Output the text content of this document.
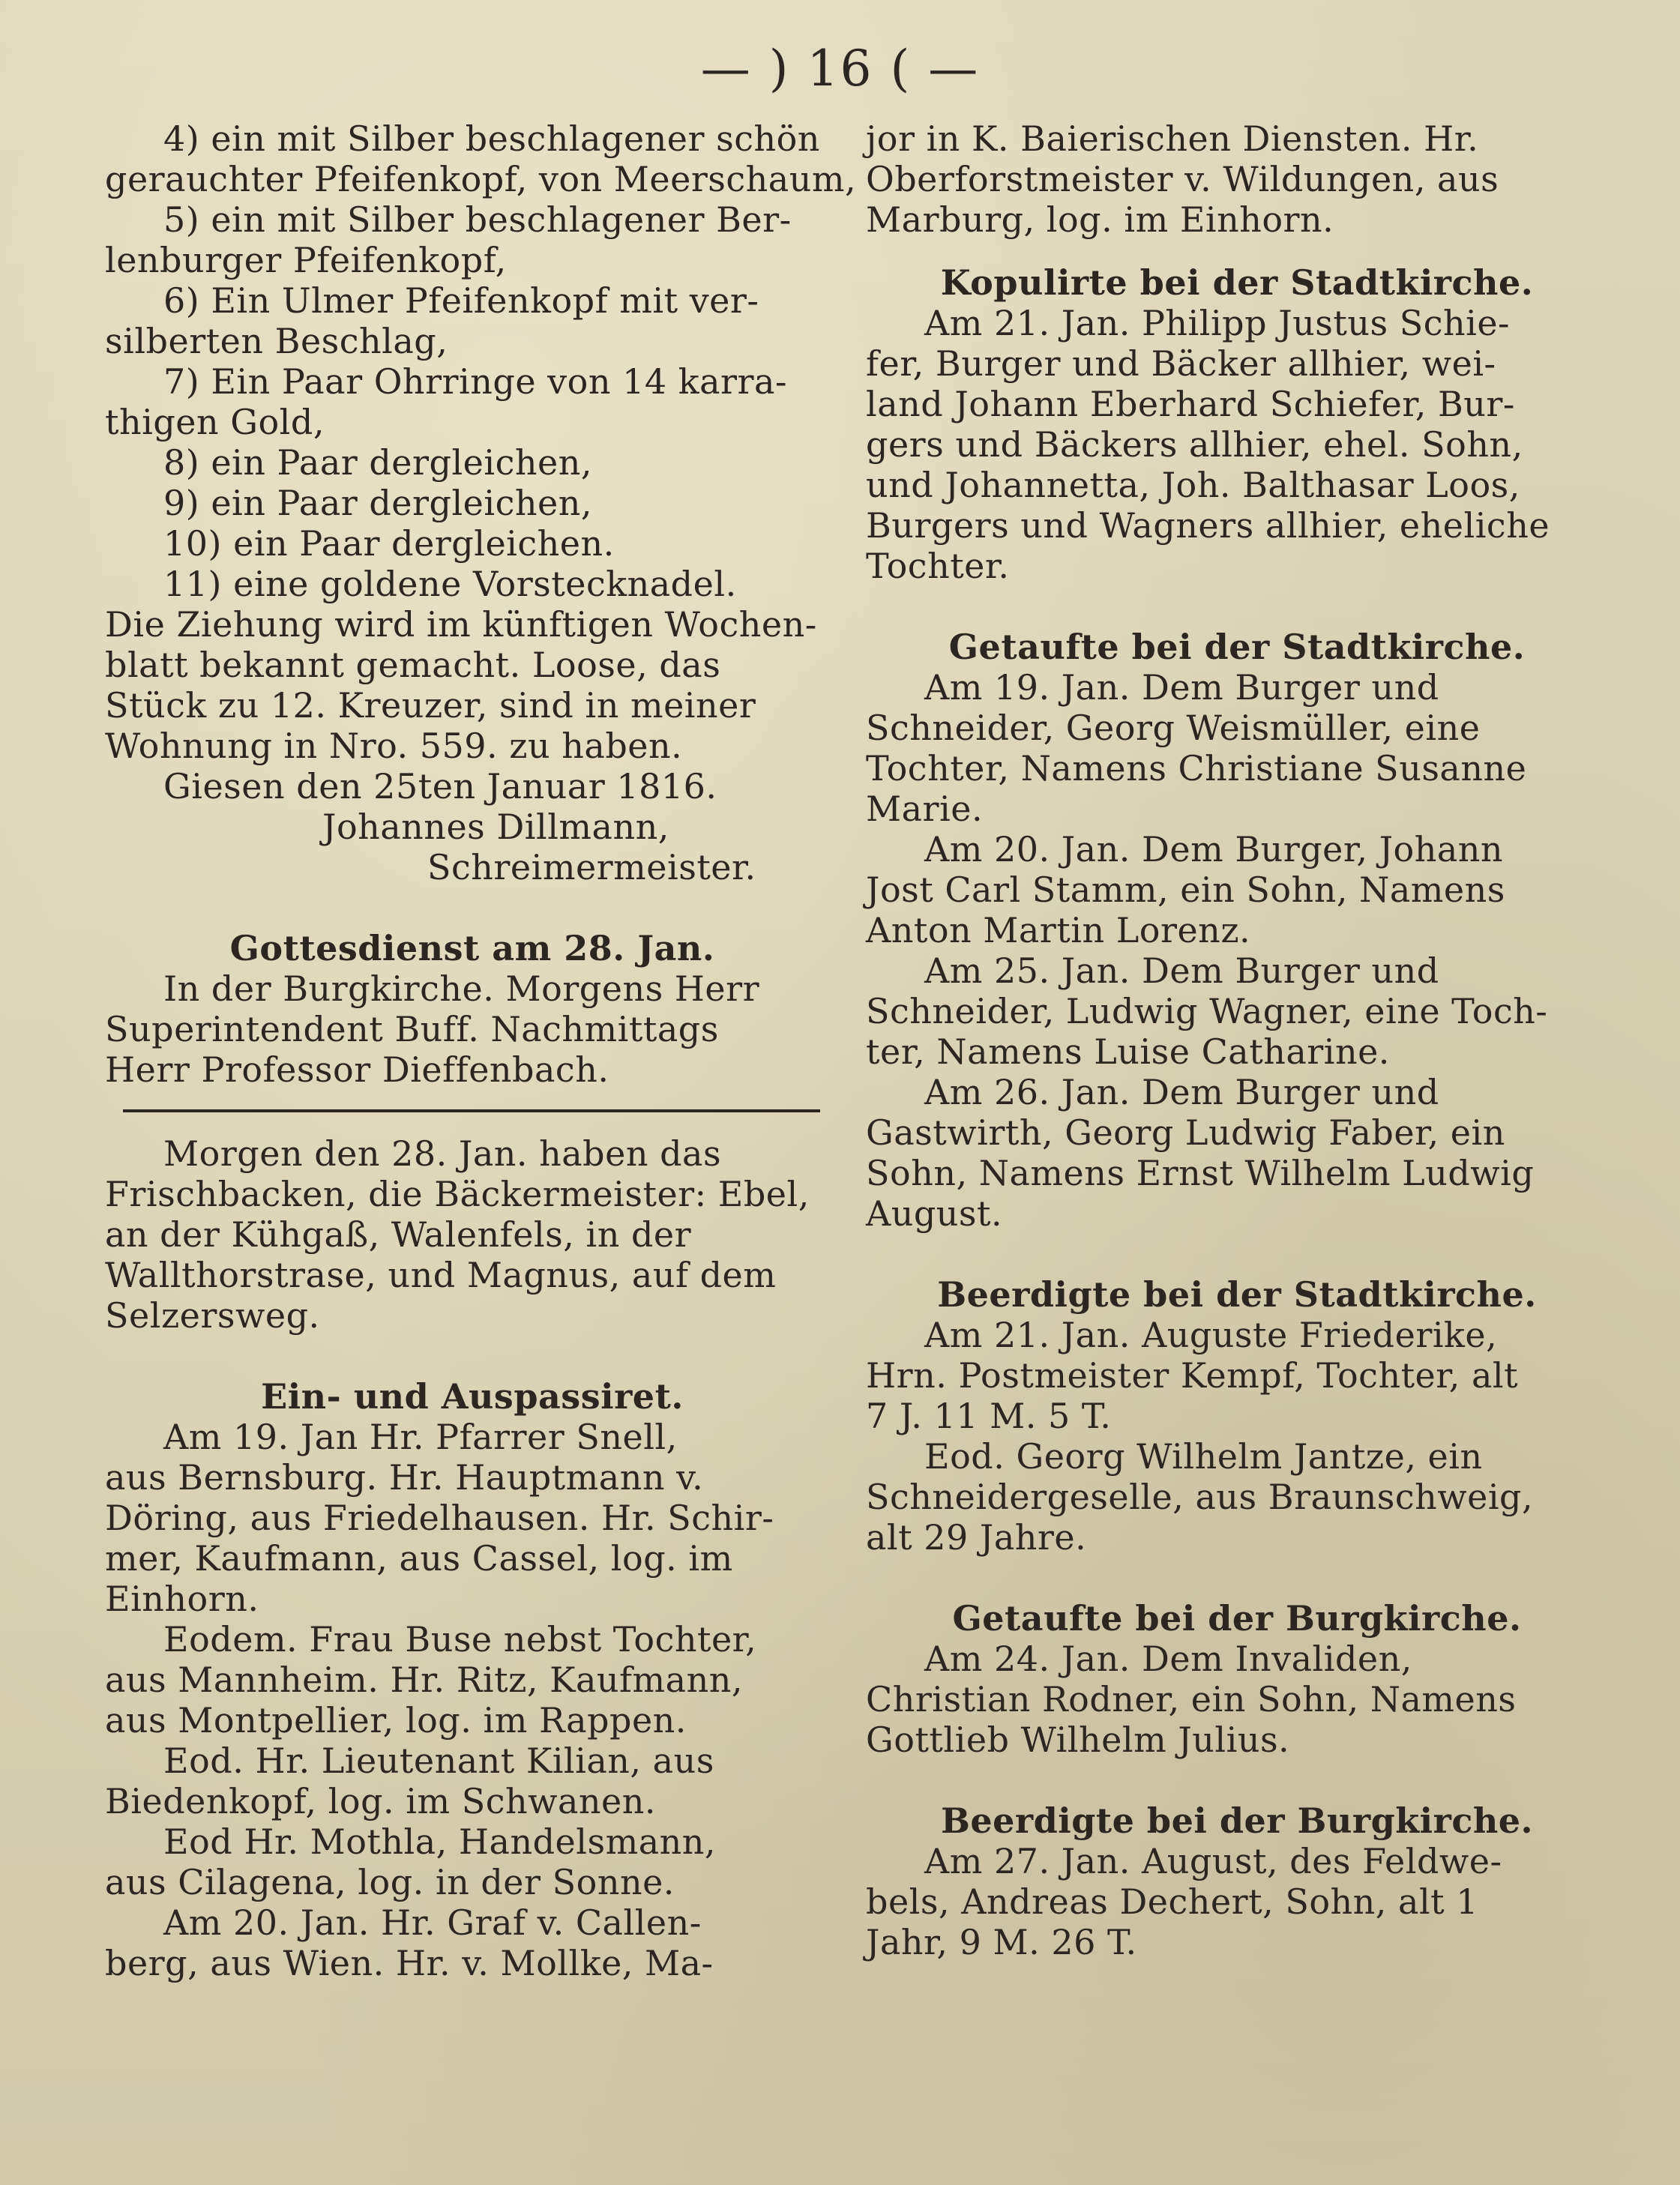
— ) 16 ( —

4) ein mit Silber beschlagener schön

gerauchter Pfeifenkopf, von Meerschaum,

5) ein mit Silber beschlagener Ber-

lenburger Pfeifenkopf,

6) Ein Ulmer Pfeifenkopf mit ver-

silberten Beschlag,

7) Ein Paar Ohrringe von 14 karra-

thigen Gold,

8) ein Paar dergleichen,

9) ein Paar dergleichen,

10) ein Paar dergleichen.

11) eine goldene Vorstecknadel.

Die Ziehung wird im künftigen Wochen-

blatt bekannt gemacht. Loose, das

Stück zu 12. Kreuzer, sind in meiner

Wohnung in Nro. 559. zu haben.

Giesen den 25ten Januar 1816.

Johannes Dillmann,

Schreimermeister.

Gottesdienst am 28. Jan.

In der Burgkirche. Morgens Herr

Superintendent Buff. Nachmittags

Herr Professor Dieffenbach.

Morgen den 28. Jan. haben das

Frischbacken, die Bäckermeister: Ebel,

an der Kühgaß, Walenfels, in der

Wallthorstrase, und Magnus, auf dem

Selzersweg.

Ein- und Auspassiret.

Am 19. Jan Hr. Pfarrer Snell,

aus Bernsburg. Hr. Hauptmann v.

Döring, aus Friedelhausen. Hr. Schir-

mer, Kaufmann, aus Cassel, log. im

Einhorn.

Eodem. Frau Buse nebst Tochter,

aus Mannheim. Hr. Ritz, Kaufmann,

aus Montpellier, log. im Rappen.

Eod. Hr. Lieutenant Kilian, aus

Biedenkopf, log. im Schwanen.

Eod Hr. Mothla, Handelsmann,

aus Cilagena, log. in der Sonne.

Am 20. Jan. Hr. Graf v. Callen-

berg, aus Wien. Hr. v. Mollke, Ma-

jor in K. Baierischen Diensten. Hr.

Oberforstmeister v. Wildungen, aus

Marburg, log. im Einhorn.

Kopulirte bei der Stadtkirche.

Am 21. Jan. Philipp Justus Schie-

fer, Burger und Bäcker allhier, wei-

land Johann Eberhard Schiefer, Bur-

gers und Bäckers allhier, ehel. Sohn,

und Johannetta, Joh. Balthasar Loos,

Burgers und Wagners allhier, eheliche

Tochter.

Getaufte bei der Stadtkirche.

Am 19. Jan. Dem Burger und

Schneider, Georg Weismüller, eine

Tochter, Namens Christiane Susanne

Marie.

Am 20. Jan. Dem Burger, Johann

Jost Carl Stamm, ein Sohn, Namens

Anton Martin Lorenz.

Am 25. Jan. Dem Burger und

Schneider, Ludwig Wagner, eine Toch-

ter, Namens Luise Catharine.

Am 26. Jan. Dem Burger und

Gastwirth, Georg Ludwig Faber, ein

Sohn, Namens Ernst Wilhelm Ludwig

August.

Beerdigte bei der Stadtkirche.

Am 21. Jan. Auguste Friederike,

Hrn. Postmeister Kempf, Tochter, alt

7 J. 11 M. 5 T.

Eod. Georg Wilhelm Jantze, ein

Schneidergeselle, aus Braunschweig,

alt 29 Jahre.

Getaufte bei der Burgkirche.

Am 24. Jan. Dem Invaliden,

Christian Rodner, ein Sohn, Namens

Gottlieb Wilhelm Julius.

Beerdigte bei der Burgkirche.

Am 27. Jan. August, des Feldwe-

bels, Andreas Dechert, Sohn, alt 1

Jahr, 9 M. 26 T.
